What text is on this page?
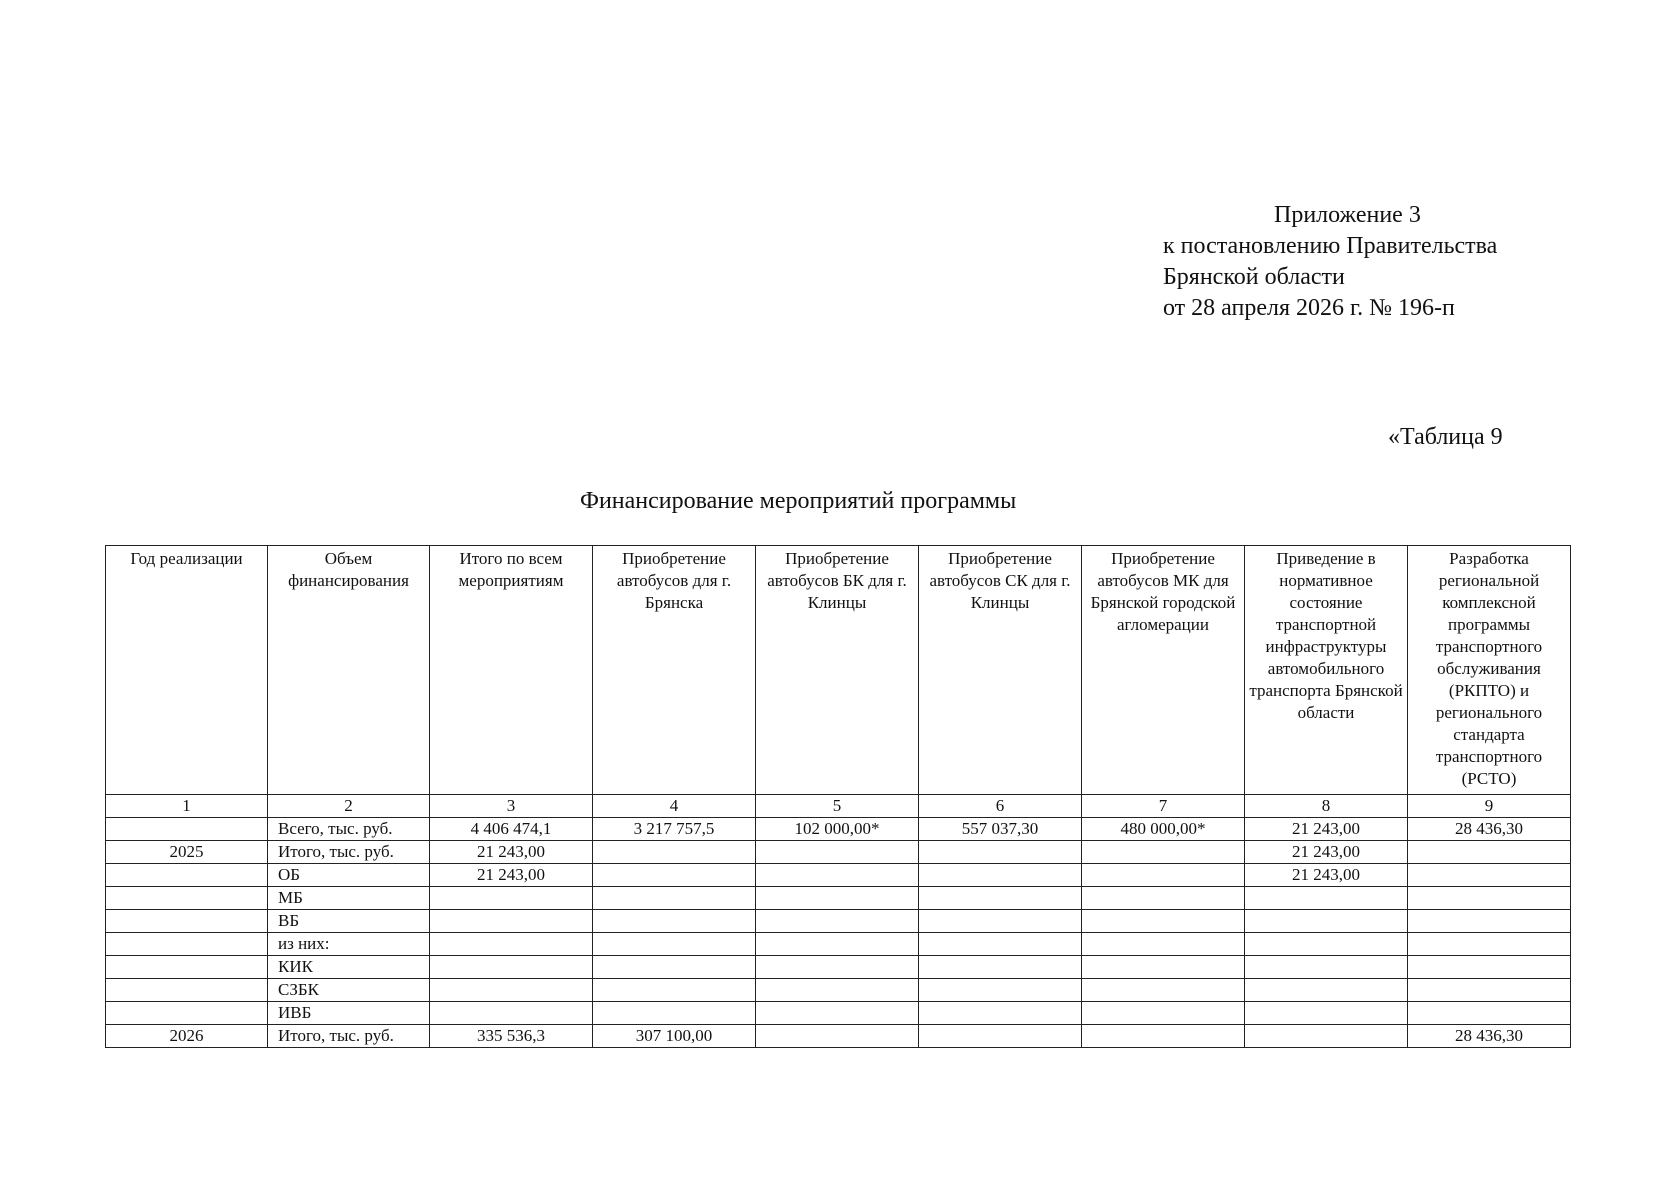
Приложение 3
к постановлению Правительства
Брянской области
от 28 апреля 2026 г. № 196-п
«Таблица 9
Финансирование мероприятий программы
Год реализации	Объем финансирования	Итого по всем мероприятиям	Приобретение автобусов для г. Брянска	Приобретение автобусов БК для г. Клинцы	Приобретение автобусов СК для г. Клинцы	Приобретение автобусов МК для Брянской городской агломерации	Приведение в нормативное состояние транспортной инфраструктуры автомобильного транспорта Брянской области	Разработка региональной комплексной программы транспортного обслуживания (РКПТО) и регионального стандарта транспортного (РСТО)
1	2	3	4	5	6	7	8	9
	Всего, тыс. руб.	4 406 474,1	3 217 757,5	102 000,00*	557 037,30	480 000,00*	21 243,00	28 436,30
2025	Итого, тыс. руб.	21 243,00					21 243,00	
	ОБ	21 243,00					21 243,00	
	МБ							
	ВБ							
	из них:							
	КИК							
	СЗБК							
	ИВБ							
2026	Итого, тыс. руб.	335 536,3	307 100,00					28 436,30
